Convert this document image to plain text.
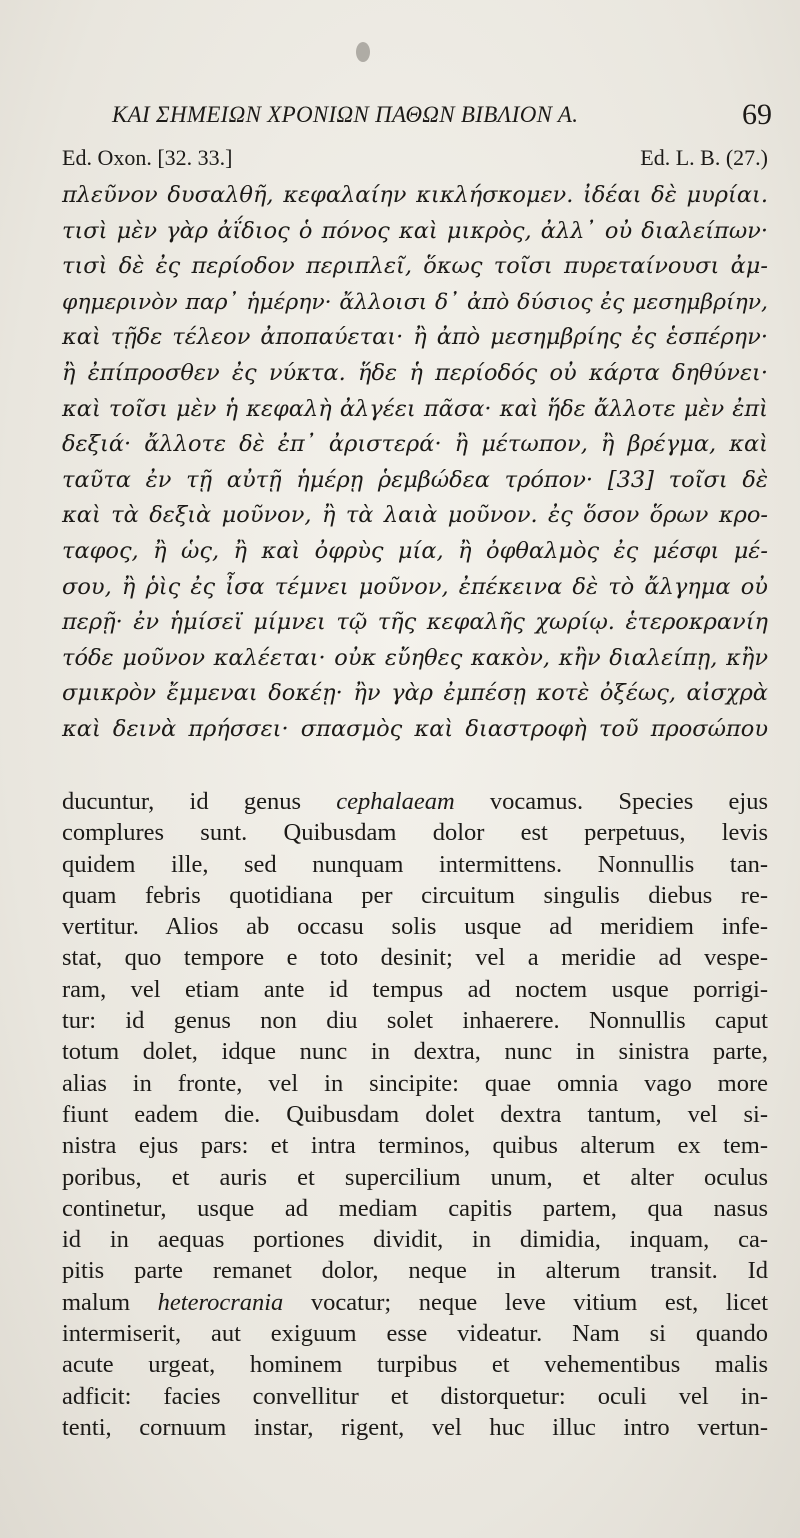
ΚΑΙ ΣΗΜΕΙΩΝ ΧΡΟΝΙΩΝ ΠΑΘΩΝ ΒΙΒΛΙΟΝ Α.	69
Ed. Oxon. [32. 33.]	Ed. L. B. (27.)
πλεῦνον δυσαλθῆ, κεφαλαίην κικλήσκομεν. ἰδέαι δὲ μυρίαι.
τισὶ μὲν γὰρ ἀΐδιος ὁ πόνος καὶ μικρὸς, ἀλλ᾽ οὐ διαλείπων·
τισὶ δὲ ἐς περίοδον περιπλεῖ, ὅκως τοῖσι πυρεταίνουσι ἀμ-
φημερινὸν παρ᾽ ἡμέρην· ἄλλοισι δ᾽ ἀπὸ δύσιος ἐς μεσημβρίην,
καὶ τῇδε τέλεον ἀποπαύεται· ἢ ἀπὸ μεσημβρίης ἐς ἑσπέρην·
ἢ ἐπίπροσθεν ἐς νύκτα. ἥδε ἡ περίοδός οὐ κάρτα δηθύνει·
καὶ τοῖσι μὲν ἡ κεφαλὴ ἀλγέει πᾶσα· καὶ ἥδε ἄλλοτε μὲν ἐπὶ
δεξιά· ἄλλοτε δὲ ἐπ᾽ ἀριστερά· ἢ μέτωπον, ἢ βρέγμα, καὶ
ταῦτα ἐν τῇ αὐτῇ ἡμέρῃ ῥεμβώδεα τρόπον· [33] τοῖσι δὲ
καὶ τὰ δεξιὰ μοῦνον, ἢ τὰ λαιὰ μοῦνον. ἐς ὅσον ὅρων κρο-
ταφος, ἢ ὡς, ἢ καὶ ὀφρὺς μία, ἢ ὀφθαλμὸς ἐς μέσφι μέ-
σου, ἢ ῥὶς ἐς ἶσα τέμνει μοῦνον, ἐπέκεινα δὲ τὸ ἄλγημα οὐ
περῇ· ἐν ἡμίσεϊ μίμνει τῷ τῆς κεφαλῆς χωρίῳ. ἑτεροκρανίη
τόδε μοῦνον καλέεται· οὐκ εὔηθες κακὸν, κἢν διαλείπῃ, κἢν
σμικρὸν ἔμμεναι δοκέῃ· ἢν γὰρ ἐμπέσῃ κοτὲ ὀξέως, αἰσχρὰ
καὶ δεινὰ πρήσσει· σπασμὸς καὶ διαστροφὴ τοῦ προσώπου
ducuntur, id genus cephalaeam vocamus. Species ejus
complures sunt. Quibusdam dolor est perpetuus, levis
quidem ille, sed nunquam intermittens. Nonnullis tan-
quam febris quotidiana per circuitum singulis diebus re-
vertitur. Alios ab occasu solis usque ad meridiem infe-
stat, quo tempore e toto desinit; vel a meridie ad vespe-
ram, vel etiam ante id tempus ad noctem usque porrigi-
tur: id genus non diu solet inhaerere. Nonnullis caput
totum dolet, idque nunc in dextra, nunc in sinistra parte,
alias in fronte, vel in sincipite: quae omnia vago more
fiunt eadem die. Quibusdam dolet dextra tantum, vel si-
nistra ejus pars: et intra terminos, quibus alterum ex tem-
poribus, et auris et supercilium unum, et alter oculus
continetur, usque ad mediam capitis partem, qua nasus
id in aequas portiones dividit, in dimidia, inquam, ca-
pitis parte remanet dolor, neque in alterum transit. Id
malum heterocrania vocatur; neque leve vitium est, licet
intermiserit, aut exiguum esse videatur. Nam si quando
acute urgeat, hominem turpibus et vehementibus malis
adficit: facies convellitur et distorquetur: oculi vel in-
tenti, cornuum instar, rigent, vel huc illuc intro vertun-
